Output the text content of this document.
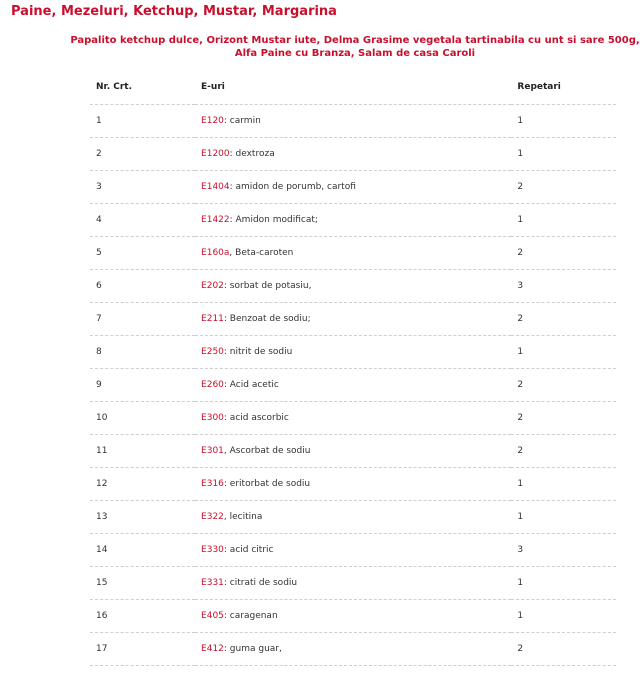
Paine, Mezeluri, Ketchup, Mustar, Margarina
Papalito ketchup dulce, Orizont Mustar iute, Delma Grasime vegetala tartinabila cu unt si sare 500g,
Alfa Paine cu Branza, Salam de casa Caroli
Nr. Crt.	E-uri	Repetari
1	E120: carmin	1
2	E1200: dextroza	1
3	E1404: amidon de porumb, cartofi	2
4	E1422: Amidon modificat;	1
5	E160a, Beta-caroten	2
6	E202: sorbat de potasiu,	3
7	E211: Benzoat de sodiu;	2
8	E250: nitrit de sodiu	1
9	E260: Acid acetic	2
10	E300: acid ascorbic	2
11	E301, Ascorbat de sodiu	2
12	E316: eritorbat de sodiu	1
13	E322, lecitina	1
14	E330: acid citric	3
15	E331: citrati de sodiu	1
16	E405: caragenan	1
17	E412: guma guar,	2
